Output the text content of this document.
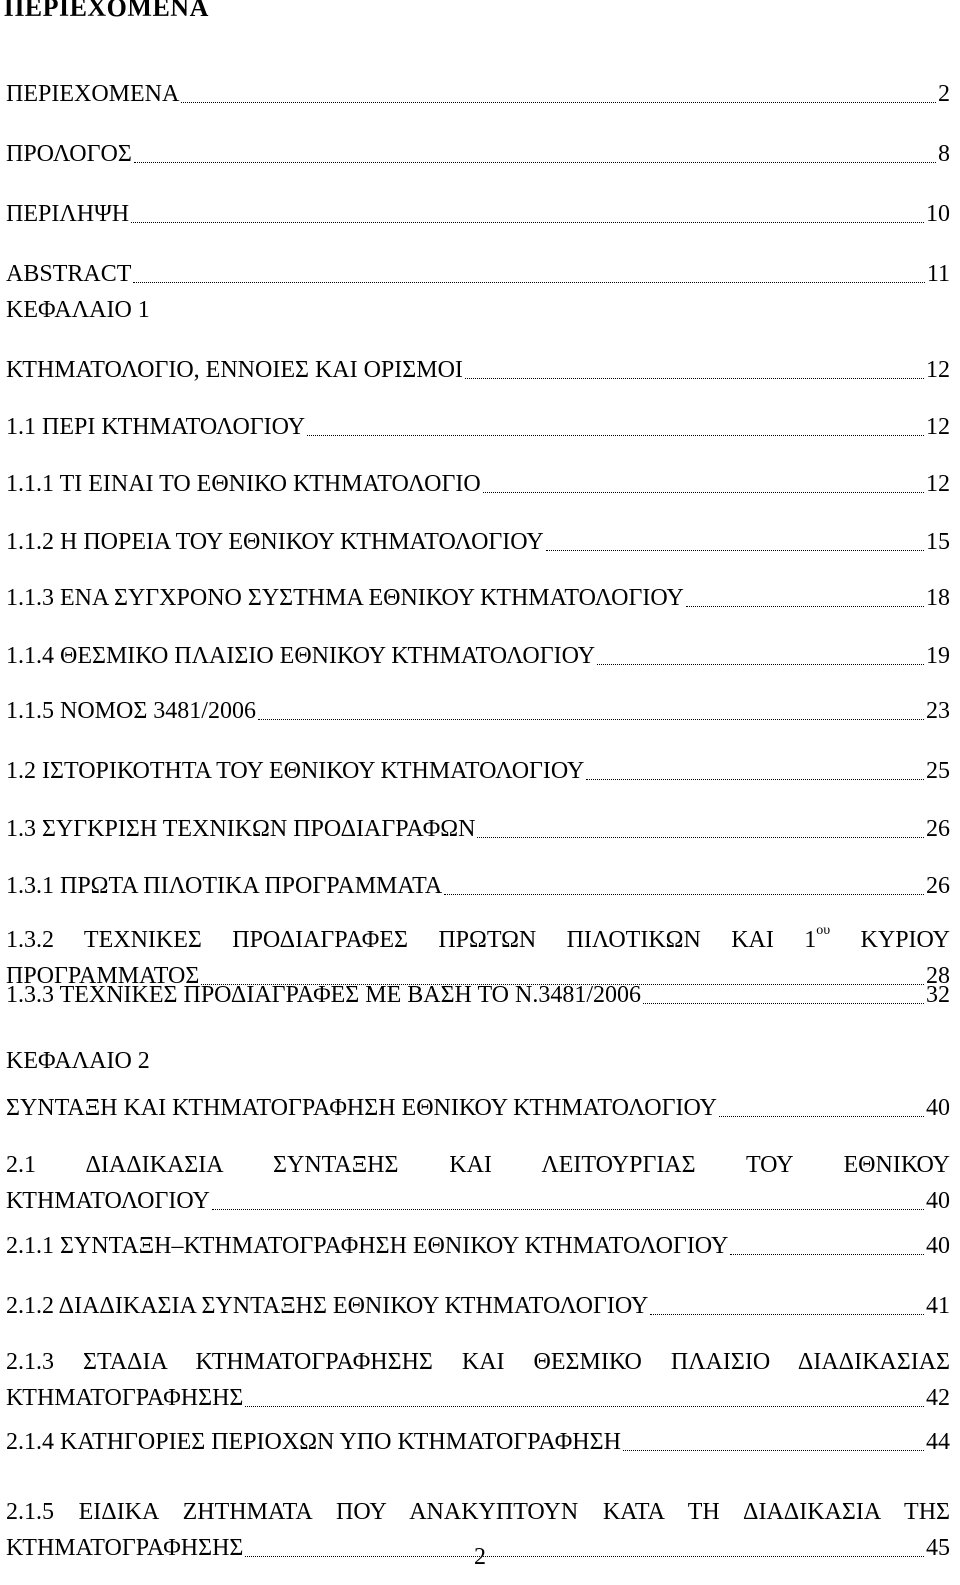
ΠΕΡΙΕΧΟΜΕΝΑ
ΠΕΡΙΕΧΟΜΕΝΑ	2
ΠΡΟΛΟΓΟΣ	8
ΠΕΡΙΛΗΨΗ	10
ABSTRACT	11
ΚΕΦΑΛΑΙΟ 1
ΚΤΗΜΑΤΟΛΟΓΙΟ, ΕΝΝΟΙΕΣ ΚΑΙ ΟΡΙΣΜΟΙ	12
1.1 ΠΕΡΙ ΚΤΗΜΑΤΟΛΟΓΙΟΥ	12
1.1.1 ΤΙ ΕΙΝΑΙ ΤΟ ΕΘΝΙΚΟ ΚΤΗΜΑΤΟΛΟΓΙΟ	12
1.1.2 Η ΠΟΡΕΙΑ ΤΟΥ ΕΘΝΙΚΟΥ ΚΤΗΜΑΤΟΛΟΓΙΟΥ	15
1.1.3 ΕΝΑ ΣΥΓΧΡΟΝΟ ΣΥΣΤΗΜΑ ΕΘΝΙΚΟΥ ΚΤΗΜΑΤΟΛΟΓΙΟΥ	18
1.1.4 ΘΕΣΜΙΚΟ ΠΛΑΙΣΙΟ ΕΘΝΙΚΟΥ ΚΤΗΜΑΤΟΛΟΓΙΟΥ	19
1.1.5 ΝΟΜΟΣ 3481/2006	23
1.2 ΙΣΤΟΡΙΚΟΤΗΤΑ ΤΟΥ ΕΘΝΙΚΟΥ ΚΤΗΜΑΤΟΛΟΓΙΟΥ	25
1.3 ΣΥΓΚΡΙΣΗ ΤΕΧΝΙΚΩΝ ΠΡΟΔΙΑΓΡΑΦΩΝ	26
1.3.1 ΠΡΩΤΑ ΠΙΛΟΤΙΚΑ ΠΡΟΓΡΑΜΜΑΤΑ	26
1.3.2 ΤΕΧΝΙΚΕΣ ΠΡΟΔΙΑΓΡΑΦΕΣ ΠΡΩΤΩΝ ΠΙΛΟΤΙΚΩΝ ΚΑΙ $1^{o\upsilon}$ ΚΥΡΙΟΥ
ΠΡΟΓΡΑΜΜΑΤΟΣ	28
1.3.3 ΤΕΧΝΙΚΕΣ ΠΡΟΔΙΑΓΡΑΦΕΣ ΜΕ ΒΑΣΗ ΤΟ Ν.3481/2006	32
ΚΕΦΑΛΑΙΟ 2
ΣΥΝΤΑΞΗ ΚΑΙ ΚΤΗΜΑΤΟΓΡΑΦΗΣΗ ΕΘΝΙΚΟΥ ΚΤΗΜΑΤΟΛΟΓΙΟΥ	40
2.1 ΔΙΑΔΙΚΑΣΙΑ ΣΥΝΤΑΞΗΣ ΚΑΙ ΛΕΙΤΟΥΡΓΙΑΣ ΤΟΥ ΕΘΝΙΚΟΥ
ΚΤΗΜΑΤΟΛΟΓΙΟΥ	40
2.1.1 ΣΥΝΤΑΞΗ–ΚΤΗΜΑΤΟΓΡΑΦΗΣΗ ΕΘΝΙΚΟΥ ΚΤΗΜΑΤΟΛΟΓΙΟΥ	40
2.1.2 ΔΙΑΔΙΚΑΣΙΑ ΣΥΝΤΑΞΗΣ ΕΘΝΙΚΟΥ ΚΤΗΜΑΤΟΛΟΓΙΟΥ	41
2.1.3 ΣΤΑΔΙΑ ΚΤΗΜΑΤΟΓΡΑΦΗΣΗΣ ΚΑΙ ΘΕΣΜΙΚΟ ΠΛΑΙΣΙΟ ΔΙΑΔΙΚΑΣΙΑΣ
ΚΤΗΜΑΤΟΓΡΑΦΗΣΗΣ	42
2.1.4 ΚΑΤΗΓΟΡΙΕΣ ΠΕΡΙΟΧΩΝ ΥΠΟ ΚΤΗΜΑΤΟΓΡΑΦΗΣΗ	44
2.1.5 ΕΙΔΙΚΑ ΖΗΤΗΜΑΤΑ ΠΟΥ ΑΝΑΚΥΠΤΟΥΝ ΚΑΤΑ ΤΗ ΔΙΑΔΙΚΑΣΙΑ ΤΗΣ
ΚΤΗΜΑΤΟΓΡΑΦΗΣΗΣ	45
2
